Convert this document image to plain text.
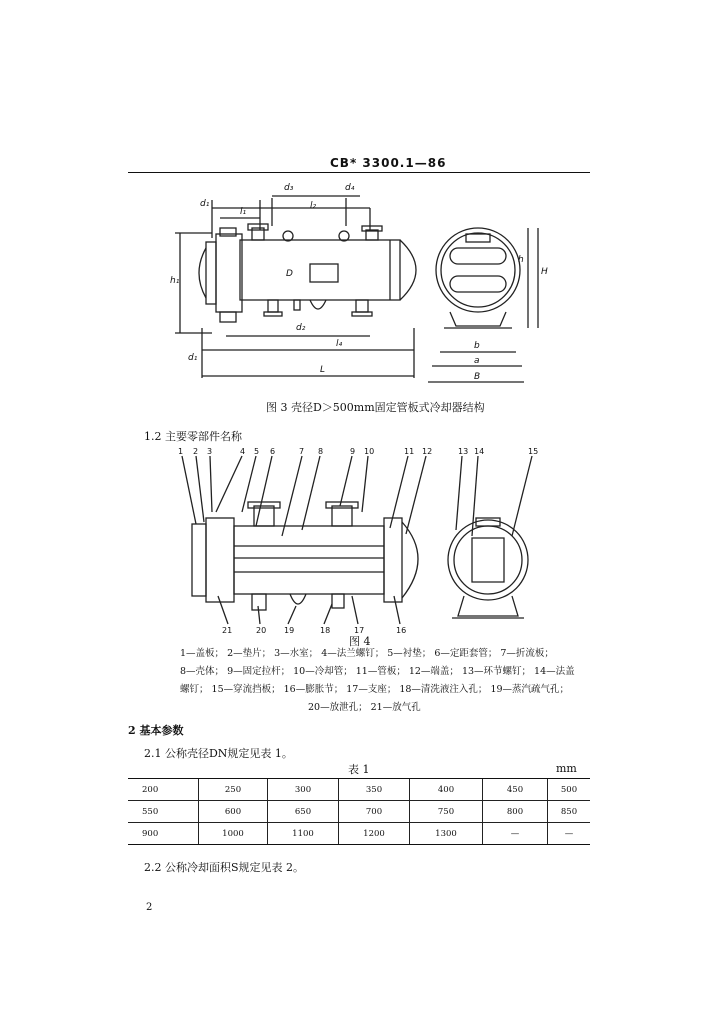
CB* 3300.1—86
d₁	l₂
d₃	d₄
l₁
h₁
D
d₂
l₄
d₁
L
h
H
b
a
B
图 3 壳径D＞500mm固定管板式冷却器结构
1.2 主要零部件名称
1 2 3	4 5 6	7 8	9 10	11 12	13 14	15
21	20 19	18	17	16
图 4
1—盖板； 2—垫片； 3—水室； 4—法兰螺钉； 5—衬垫； 6—定距套管； 7—折流板；
8—壳体； 9—固定拉杆； 10—冷却管； 11—管板； 12—端盖； 13—环节螺钉； 14—法盖
螺钉； 15—穿流挡板； 16—膨胀节； 17—支座； 18—清洗液注入孔； 19—蒸汽疏气孔；
20—放泄孔； 21—放气孔
2 基本参数
2.1 公称壳径DN规定见表 1。
表 1	mm
200	250	300	350	400	450	500
550	600	650	700	750	800	850
900	1000	1100	1200	1300	—	—
2.2 公称冷却面积S规定见表 2。
2
